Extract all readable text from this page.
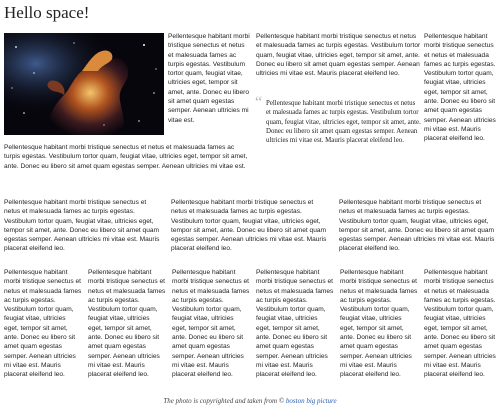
Hello space!

Pellentesque habitant morbi tristique senectus et netus et malesuada fames ac turpis egestas. Vestibulum tortor quam, feugiat vitae, ultricies eget, tempor sit amet, ante. Donec eu libero sit amet quam egestas semper. Aenean ultricies mi vitae est.

Pellentesque habitant morbi tristique senectus et netus et malesuada fames ac turpis egestas. Vestibulum tortor quam, feugiat vitae, ultricies eget, tempor sit amet, ante. Donec eu libero sit amet quam egestas semper. Aenean ultricies mi vitae est.

Pellentesque habitant morbi tristique senectus et netus et malesuada fames ac turpis egestas. Vestibulum tortor quam, feugiat vitae, ultricies eget, tempor sit amet, ante. Donec eu libero sit amet quam egestas semper. Aenean ultricies mi vitae est. Mauris placerat eleifend leo.

“ Pellentesque habitant morbi tristique senectus et netus et malesuada fames ac turpis egestas. Vestibulum tortor quam, feugiat vitae, ultricies eget, tempor sit amet, ante. Donec eu libero sit amet quam egestas semper. Aenean ultricies mi vitae est. Mauris placerat eleifend leo.

Pellentesque habitant morbi tristique senectus et netus et malesuada fames ac turpis egestas. Vestibulum tortor quam, feugiat vitae, ultricies eget, tempor sit amet, ante. Donec eu libero sit amet quam egestas semper. Aenean ultricies mi vitae est. Mauris placerat eleifend leo.

Pellentesque habitant morbi tristique senectus et netus et malesuada fames ac turpis egestas. Vestibulum tortor quam, feugiat vitae, ultricies eget, tempor sit amet, ante. Donec eu libero sit amet quam egestas semper. Aenean ultricies mi vitae est. Mauris placerat eleifend leo.

Pellentesque habitant morbi tristique senectus et netus et malesuada fames ac turpis egestas. Vestibulum tortor quam, feugiat vitae, ultricies eget, tempor sit amet, ante. Donec eu libero sit amet quam egestas semper. Aenean ultricies mi vitae est. Mauris placerat eleifend leo.

Pellentesque habitant morbi tristique senectus et netus et malesuada fames ac turpis egestas. Vestibulum tortor quam, feugiat vitae, ultricies eget, tempor sit amet, ante. Donec eu libero sit amet quam egestas semper. Aenean ultricies mi vitae est. Mauris placerat eleifend leo.

Pellentesque habitant morbi tristique senectus et netus et malesuada fames ac turpis egestas. Vestibulum tortor quam, feugiat vitae, ultricies eget, tempor sit amet, ante. Donec eu libero sit amet quam egestas semper. Aenean ultricies mi vitae est. Mauris placerat eleifend leo.

Pellentesque habitant morbi tristique senectus et netus et malesuada fames ac turpis egestas. Vestibulum tortor quam, feugiat vitae, ultricies eget, tempor sit amet, ante. Donec eu libero sit amet quam egestas semper. Aenean ultricies mi vitae est. Mauris placerat eleifend leo.

Pellentesque habitant morbi tristique senectus et netus et malesuada fames ac turpis egestas. Vestibulum tortor quam, feugiat vitae, ultricies eget, tempor sit amet, ante. Donec eu libero sit amet quam egestas semper. Aenean ultricies mi vitae est. Mauris placerat eleifend leo.

Pellentesque habitant morbi tristique senectus et netus et malesuada fames ac turpis egestas. Vestibulum tortor quam, feugiat vitae, ultricies eget, tempor sit amet, ante. Donec eu libero sit amet quam egestas semper. Aenean ultricies mi vitae est. Mauris placerat eleifend leo.

Pellentesque habitant morbi tristique senectus et netus et malesuada fames ac turpis egestas. Vestibulum tortor quam, feugiat vitae, ultricies eget, tempor sit amet, ante. Donec eu libero sit amet quam egestas semper. Aenean ultricies mi vitae est. Mauris placerat eleifend leo.

Pellentesque habitant morbi tristique senectus et netus et malesuada fames ac turpis egestas. Vestibulum tortor quam, feugiat vitae, ultricies eget, tempor sit amet, ante. Donec eu libero sit amet quam egestas semper. Aenean ultricies mi vitae est. Mauris placerat eleifend leo.

The photo is copyrighted and taken from © boston big picture
